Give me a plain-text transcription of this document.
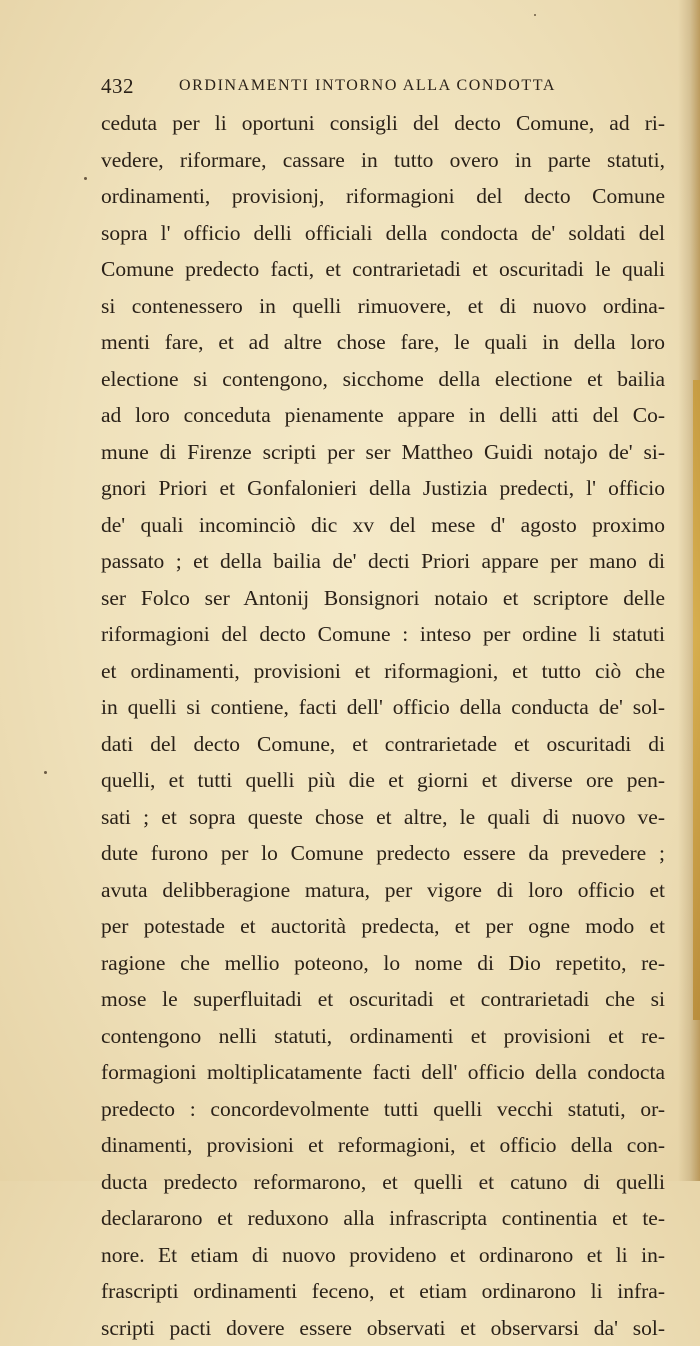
432	ORDINAMENTI INTORNO ALLA CONDOTTA
ceduta per li oportuni consigli del decto Comune, ad ri-
vedere, riformare, cassare in tutto overo in parte statuti,
ordinamenti, provisionj, riformagioni del decto Comune
sopra l' officio delli officiali della condocta de' soldati del
Comune predecto facti, et contrarietadi et oscuritadi le quali
si contenessero in quelli rimuovere, et di nuovo ordina-
menti fare, et ad altre chose fare, le quali in della loro
electione si contengono, sicchome della electione et bailia
ad loro conceduta pienamente appare in delli atti del Co-
mune di Firenze scripti per ser Mattheo Guidi notajo de' si-
gnori Priori et Gonfalonieri della Justizia predecti, l' officio
de' quali incominciò dic xv del mese d' agosto proximo
passato ; et della bailia de' decti Priori appare per mano di
ser Folco ser Antonij Bonsignori notaio et scriptore delle
riformagioni del decto Comune : inteso per ordine li statuti
et ordinamenti, provisioni et riformagioni, et tutto ciò che
in quelli si contiene, facti dell' officio della conducta de' sol-
dati del decto Comune, et contrarietade et oscuritadi di
quelli, et tutti quelli più die et giorni et diverse ore pen-
sati ; et sopra queste chose et altre, le quali di nuovo ve-
dute furono per lo Comune predecto essere da prevedere ;
avuta delibberagione matura, per vigore di loro officio et
per potestade et auctorità predecta, et per ogne modo et
ragione che mellio poteono, lo nome di Dio repetito, re-
mose le superfluitadi et oscuritadi et contrarietadi che si
contengono nelli statuti, ordinamenti et provisioni et re-
formagioni moltiplicatamente facti dell' officio della condocta
predecto : concordevolmente tutti quelli vecchi statuti, or-
dinamenti, provisioni et reformagioni, et officio della con-
ducta predecto reformarono, et quelli et catuno di quelli
declararono et reduxono alla infrascripta continentia et te-
nore. Et etiam di nuovo provideno et ordinarono et li in-
frascripti ordinamenti feceno, et etiam ordinarono li infra-
scripti pacti dovere essere observati et observarsi da' sol-
